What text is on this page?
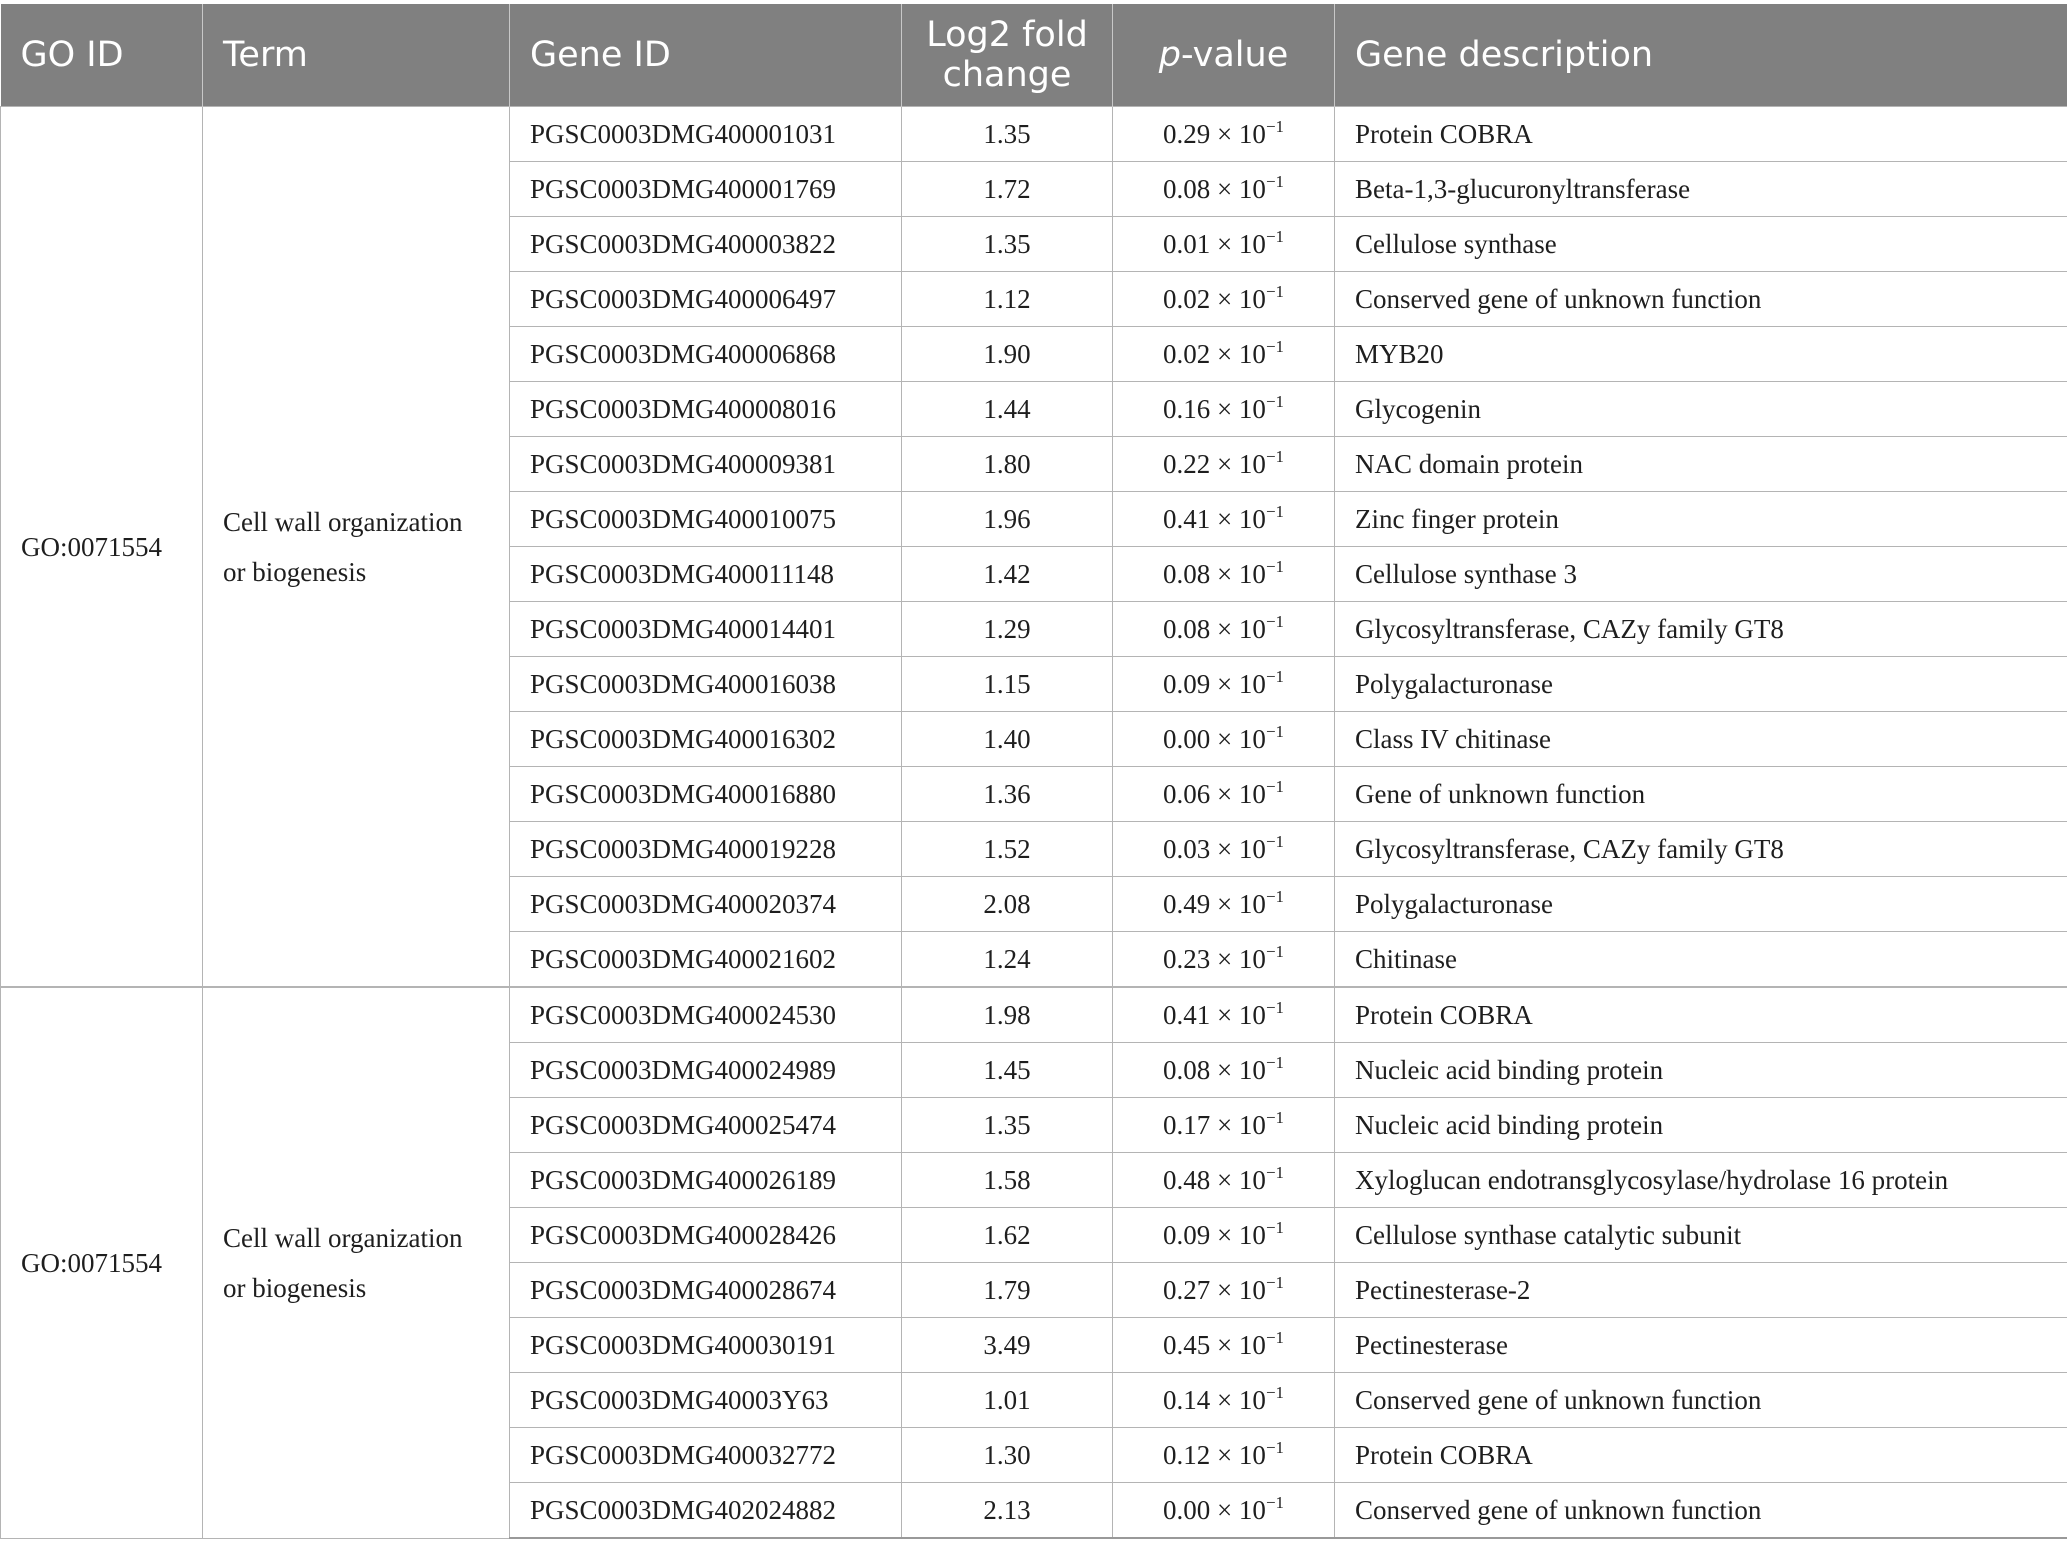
GO ID	Term	Gene ID	Log2 fold change	p-value	Gene description
GO:0071554	Cell wall organization or biogenesis	PGSC0003DMG400001031	1.35	$0.29 \times 10^{-1}$	Protein COBRA
		PGSC0003DMG400001769	1.72	$0.08 \times 10^{-1}$	Beta-1,3-glucuronyltransferase
		PGSC0003DMG400003822	1.35	$0.01 \times 10^{-1}$	Cellulose synthase
		PGSC0003DMG400006497	1.12	$0.02 \times 10^{-1}$	Conserved gene of unknown function
		PGSC0003DMG400006868	1.90	$0.02 \times 10^{-1}$	MYB20
		PGSC0003DMG400008016	1.44	$0.16 \times 10^{-1}$	Glycogenin
		PGSC0003DMG400009381	1.80	$0.22 \times 10^{-1}$	NAC domain protein
		PGSC0003DMG400010075	1.96	$0.41 \times 10^{-1}$	Zinc finger protein
		PGSC0003DMG400011148	1.42	$0.08 \times 10^{-1}$	Cellulose synthase 3
		PGSC0003DMG400014401	1.29	$0.08 \times 10^{-1}$	Glycosyltransferase, CAZy family GT8
		PGSC0003DMG400016038	1.15	$0.09 \times 10^{-1}$	Polygalacturonase
		PGSC0003DMG400016302	1.40	$0.00 \times 10^{-1}$	Class IV chitinase
		PGSC0003DMG400016880	1.36	$0.06 \times 10^{-1}$	Gene of unknown function
		PGSC0003DMG400019228	1.52	$0.03 \times 10^{-1}$	Glycosyltransferase, CAZy family GT8
		PGSC0003DMG400020374	2.08	$0.49 \times 10^{-1}$	Polygalacturonase
		PGSC0003DMG400021602	1.24	$0.23 \times 10^{-1}$	Chitinase
GO:0071554	Cell wall organization or biogenesis	PGSC0003DMG400024530	1.98	$0.41 \times 10^{-1}$	Protein COBRA
		PGSC0003DMG400024989	1.45	$0.08 \times 10^{-1}$	Nucleic acid binding protein
		PGSC0003DMG400025474	1.35	$0.17 \times 10^{-1}$	Nucleic acid binding protein
		PGSC0003DMG400026189	1.58	$0.48 \times 10^{-1}$	Xyloglucan endotransglycosylase/hydrolase 16 protein
		PGSC0003DMG400028426	1.62	$0.09 \times 10^{-1}$	Cellulose synthase catalytic subunit
		PGSC0003DMG400028674	1.79	$0.27 \times 10^{-1}$	Pectinesterase-2
		PGSC0003DMG400030191	3.49	$0.45 \times 10^{-1}$	Pectinesterase
		PGSC0003DMG40003Y63	1.01	$0.14 \times 10^{-1}$	Conserved gene of unknown function
		PGSC0003DMG400032772	1.30	$0.12 \times 10^{-1}$	Protein COBRA
		PGSC0003DMG402024882	2.13	$0.00 \times 10^{-1}$	Conserved gene of unknown function
